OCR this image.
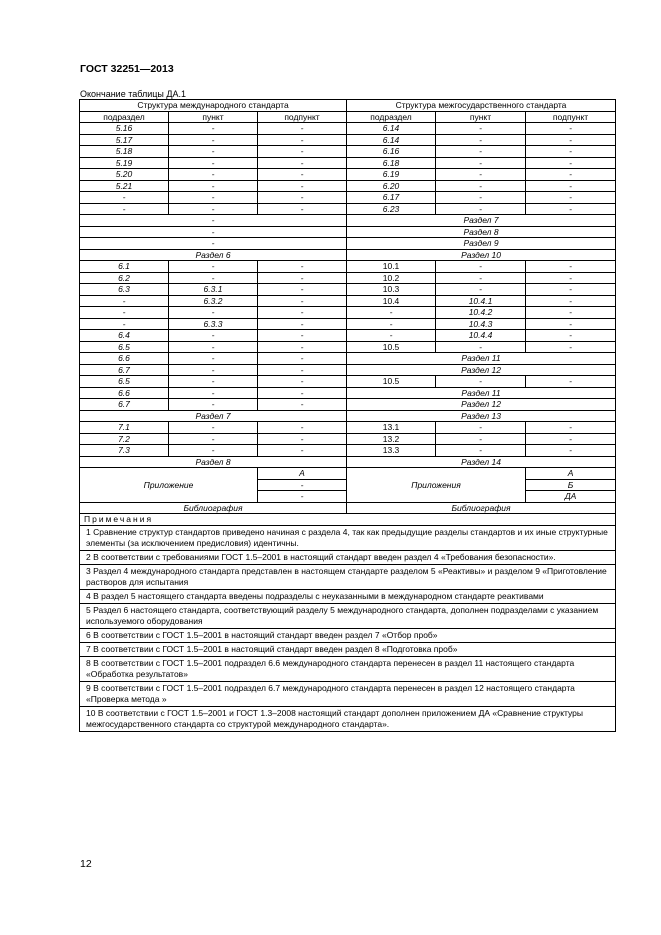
ГОСТ 32251—2013
Окончание таблицы ДА.1
Структура международного стандарта			Структура межгосударственного стандарта		
подраздел	пункт	подпункт	подраздел	пункт	подпункт
5.16	-	-	6.14	-	-
5.17	-	-	6.14	-	-
5.18	-	-	6.16	-	-
5.19	-	-	6.18	-	-
5.20	-	-	6.19	-	-
5.21	-	-	6.20	-	-
-	-	-	6.17	-	-
-	-	-	6.23	-	-
-			Раздел 7		
-			Раздел 8		
-			Раздел 9		
Раздел 6			Раздел 10		
6.1	-	-	10.1	-	-
6.2	-	-	10.2	-	-
6.3	6.3.1	-	10.3	-	-
-	6.3.2	-	10.4	10.4.1	-
-	-	-	-	10.4.2	-
-	6.3.3	-	-	10.4.3	-
6.4	-	-	-	10.4.4	-
6.5	-	-	10.5	-	-
6.6	-	-	Раздел 11		
6.7	-	-	Раздел 12		
6.5	-	-	10.5	-	-
6.6	-	-	Раздел 11		
6.7	-	-	Раздел 12		
Раздел 7			Раздел 13		
7.1	-	-	13.1	-	-
7.2	-	-	13.2	-	-
7.3	-	-	13.3	-	-
Раздел 8			Раздел 14		
Приложение		А	Приложения		А
		-			Б
		-			ДА
Библиография			Библиография		
Примечания					
1 Сравнение структур стандартов приведено начиная с раздела 4, так как предыдущие разделы стандартов и их иные структурные элементы (за исключением предисловия) идентичны.					
2 В соответствии с требованиями ГОСТ 1.5–2001 в настоящий стандарт введен раздел 4 «Требования безопасности».					
3 Раздел 4 международного стандарта представлен в настоящем стандарте разделом 5 «Реактивы» и разделом 9 «Приготовление растворов для испытания					
4 В раздел 5 настоящего стандарта введены подразделы с неуказанными в международном стандарте реактивами					
5 Раздел 6 настоящего стандарта, соответствующий разделу 5 международного стандарта, дополнен подразделами с указанием используемого оборудования					
6 В соответствии с ГОСТ 1.5–2001 в настоящий стандарт введен раздел 7 «Отбор проб»					
7 В соответствии с ГОСТ 1.5–2001 в настоящий стандарт введен раздел 8 «Подготовка проб»					
8 В соответствии с ГОСТ 1.5–2001 подраздел 6.6 международного стандарта перенесен в раздел 11 настоящего стандарта «Обработка результатов»					
9 В соответствии с ГОСТ 1.5–2001 подраздел 6.7 международного стандарта перенесен в раздел 12 настоящего стандарта «Проверка метода »					
10 В соответствии с ГОСТ 1.5–2001 и ГОСТ 1.3–2008 настоящий стандарт дополнен приложением ДА «Сравнение структуры межгосударственного стандарта со структурой международного стандарта».					
12
